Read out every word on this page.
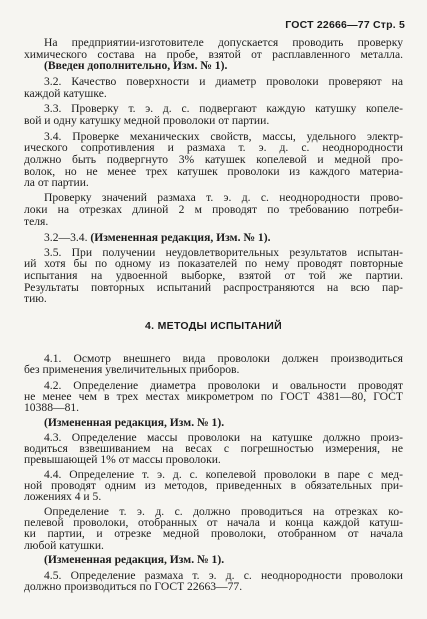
ГОСТ 22666—77 Стр. 5
На предприятии-изготовителе допускается проводить проверку
химического состава на пробе, взятой от расплавленного металла.
(Введен дополнительно, Изм. № 1).
3.2. Качество поверхности и диаметр проволоки проверяют на
каждой катушке.
3.3. Проверку т. э. д. с. подвергают каждую катушку копеле-
вой и одну катушку медной проволоки от партии.
3.4. Проверке механических свойств, массы, удельного электр-
ического сопротивления и размаха т. э. д. с. неоднородности
должно быть подвергнуто 3% катушек копелевой и медной про-
волок, но не менее трех катушек проволоки из каждого материа-
ла от партии.
Проверку значений размаха т. э. д. с. неоднородности прово-
локи на отрезках длиной 2 м проводят по требованию потреби-
теля.
3.2—3.4. (Измененная редакция, Изм. № 1).
3.5. При получении неудовлетворительных результатов испытан-
ий хотя бы по одному из показателей по нему проводят повторные
испытания на удвоенной выборке, взятой от той же партии.
Результаты повторных испытаний распространяются на всю пар-
тию.
4.1. Осмотр внешнего вида проволоки должен производиться
без применения увеличительных приборов.
4.2. Определение диаметра проволоки и овальности проводят
не менее чем в трех местах микрометром по ГОСТ 4381—80, ГОСТ
10388—81.
(Измененная редакция, Изм. № 1).
4.3. Определение массы проволоки на катушке должно произ-
водиться взвешиванием на весах с погрешностью измерения, не
превышающей 1% от массы проволоки.
4.4. Определение т. э. д. с. копелевой проволоки в паре с мед-
ной проводят одним из методов, приведенных в обязательных при-
ложениях 4 и 5.
Определение т. э. д. с. должно проводиться на отрезках ко-
пелевой проволоки, отобранных от начала и конца каждой катуш-
ки партии, и отрезке медной проволоки, отобранном от начала
любой катушки.
(Измененная редакция, Изм. № 1).
4.5. Определение размаха т. э. д. с. неоднородности проволоки
должно производиться по ГОСТ 22663—77.
4. МЕТОДЫ ИСПЫТАНИЙ
